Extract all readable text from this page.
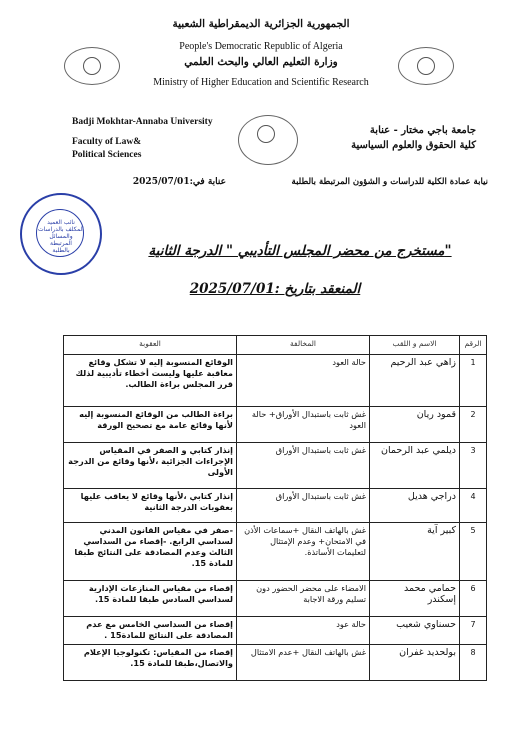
الجمهورية الجزائرية الديمقراطية الشعبية
People's Democratic Republic of Algeria
وزارة التعليم العالي والبحث العلمي
Ministry of Higher Education and Scientific Research
Badji Mokhtar-Annaba University
Faculty of Law&
Political Sciences
جامعة باجي مختار - عنابة
كلية الحقوق والعلوم السياسية
نيابة عمادة الكلية للدراسات و الشؤون المرتبطة بالطلبة
عنابة في:2025/07/01
نائب العميد
المكلف بالدراسات
والمسائل المرتبطة
بالطلبة	مستخرج من محضر المجلس التأديبي " الدرجة الثانية"
المنعقد بتاريخ :2025/07/01
الرقم	الاسم و اللقب	المخالفة	العقوبة
1	زاهي عبد الرحيم	حالة العود	الوقائع المنسوبة إليه لا تشكل وقائع معاقبة عليها وليست أخطاء تأديبية لذلك قرر المجلس براءة الطالب.
2	قمود ريان	غش ثابت باستبدال الأوراق+ حالة العود	براءة الطالب من الوقائع المنسوبة إليه لأنها وقائع عامة مع تصحيح الورقة
3	ديلمي عبد الرحمان	غش ثابت باستبدال الأوراق	إنذار كتابي و الصفر في المقياس الإجراءات الجزائية ،لأنها وقائع من الدرجة الأولى
4	دراجي هديل	غش ثابت باستبدال الأوراق	إنذار كتابي ،لأنها وقائع لا يعاقب عليها بعقوبات الدرجة الثانية
5	كبير آية	غش بالهاتف النقال +سماعات الأذن في الامتحان+ وعدم الإمتثال لتعليمات الأساتذة.	-صفر في مقياس القانون المدني لسداسي الرابع. -إقصاء من السداسي الثالث وعدم المصادقة على النتائج طبقا للمادة 15.
6	حمامي محمد إسكندر	الامضاء على محضر الحضور دون تسليم ورقة الاجابة	إقصاء من مقياس المنازعات الإدارية لسداسي السادس طبقا للمادة 15.
7	حسناوي شعيب	حالة عود	إقصاء من السداسي الخامس مع عدم المصادقة على النتائج للمادة15 .
8	بولحديد غفران	غش بالهاتف النقال +عدم الامتثال	إقصاء من المقياس: تكنولوجيا الإعلام والاتصال،طبقا للمادة 15.
